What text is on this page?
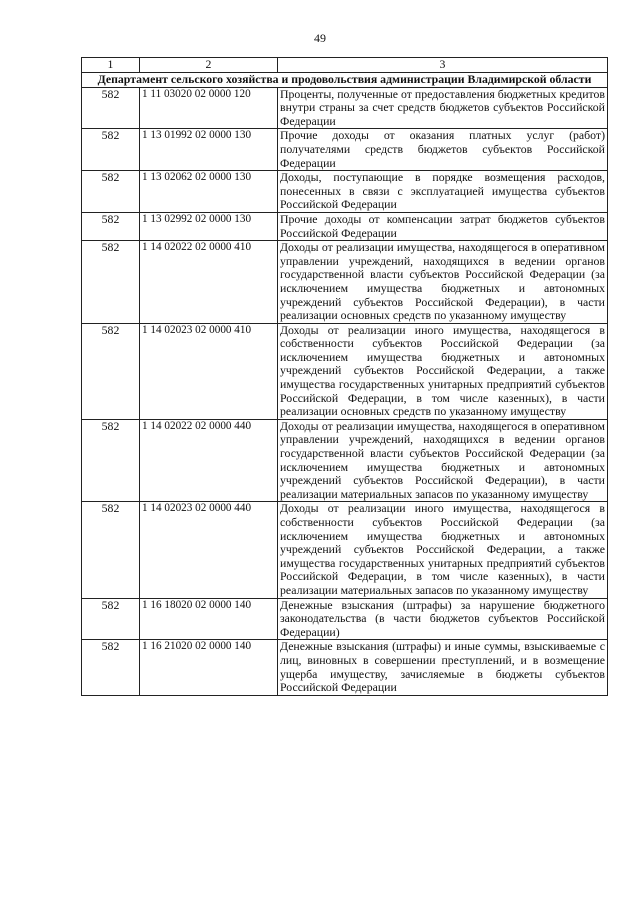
49
1	2	3
Департамент сельского хозяйства и продовольствия администрации Владимирской области		
582	1 11 03020 02 0000 120	Проценты, полученные от предоставления бюджетных кредитов внутри страны за счет средств бюджетов субъектов Российской Федерации
582	1 13 01992 02 0000 130	Прочие доходы от оказания платных услуг (работ) получателями средств бюджетов субъектов Российской Федерации
582	1 13 02062 02 0000 130	Доходы, поступающие в порядке возмещения расходов, понесенных в связи с эксплуатацией имущества субъектов Российской Федерации
582	1 13 02992 02 0000 130	Прочие доходы от компенсации затрат бюджетов субъектов Российской Федерации
582	1 14 02022 02 0000 410	Доходы от реализации имущества, находящегося в оперативном управлении учреждений, находящихся в ведении органов государственной власти субъектов Российской Федерации (за исключением имущества бюджетных и автономных учреждений субъектов Российской Федерации), в части реализации основных средств по указанному имуществу
582	1 14 02023 02 0000 410	Доходы от реализации иного имущества, находящегося в собственности субъектов Российской Федерации (за исключением имущества бюджетных и автономных учреждений субъектов Российской Федерации, а также имущества государственных унитарных предприятий субъектов Российской Федерации, в том числе казенных), в части реализации основных средств по указанному имуществу
582	1 14 02022 02 0000 440	Доходы от реализации имущества, находящегося в оперативном управлении учреждений, находящихся в ведении органов государственной власти субъектов Российской Федерации (за исключением имущества бюджетных и автономных учреждений субъектов Российской Федерации), в части реализации материальных запасов по указанному имуществу
582	1 14 02023 02 0000 440	Доходы от реализации иного имущества, находящегося в собственности субъектов Российской Федерации (за исключением имущества бюджетных и автономных учреждений субъектов Российской Федерации, а также имущества государственных унитарных предприятий субъектов Российской Федерации, в том числе казенных), в части реализации материальных запасов по указанному имуществу
582	1 16 18020 02 0000 140	Денежные взыскания (штрафы) за нарушение бюджетного законодательства (в части бюджетов субъектов Российской Федерации)
582	1 16 21020 02 0000 140	Денежные взыскания (штрафы) и иные суммы, взыскиваемые с лиц, виновных в совершении преступлений, и в возмещение ущерба имуществу, зачисляемые в бюджеты субъектов Российской Федерации
